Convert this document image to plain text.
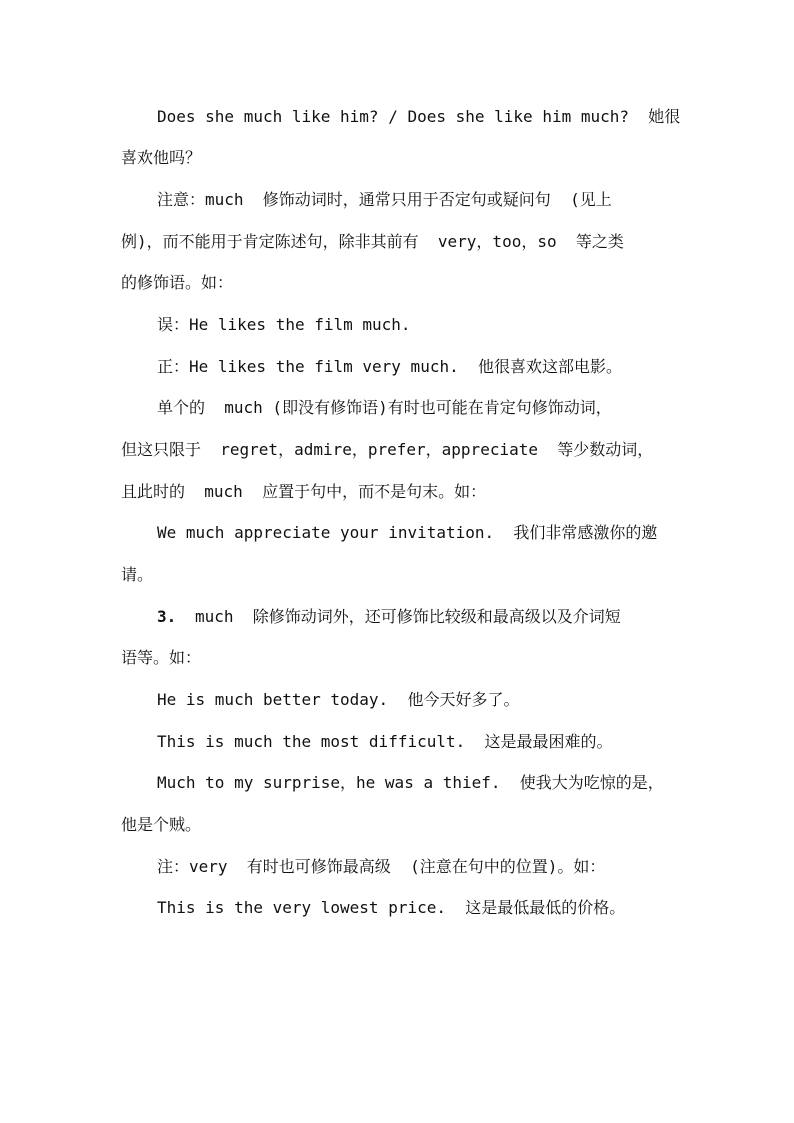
Does she much like him? / Does she like him much?  她很
喜欢他吗？
注意：much  修饰动词时，通常只用于否定句或疑问句  (见上
例)，而不能用于肯定陈述句，除非其前有  very，too，so  等之类
的修饰语。如：
误：He likes the film much.
正：He likes the film very much.  他很喜欢这部电影。
单个的  much (即没有修饰语)有时也可能在肯定句修饰动词，
但这只限于  regret，admire，prefer，appreciate  等少数动词，
且此时的  much  应置于句中，而不是句末。如：
We much appreciate your invitation.  我们非常感激你的邀
请。
3. much  除修饰动词外，还可修饰比较级和最高级以及介词短
语等。如：
He is much better today.  他今天好多了。
This is much the most difficult.  这是最最困难的。
Much to my surprise，he was a thief.  使我大为吃惊的是，
他是个贼。
注：very  有时也可修饰最高级  (注意在句中的位置)。如：
This is the very lowest price.  这是最低最低的价格。
